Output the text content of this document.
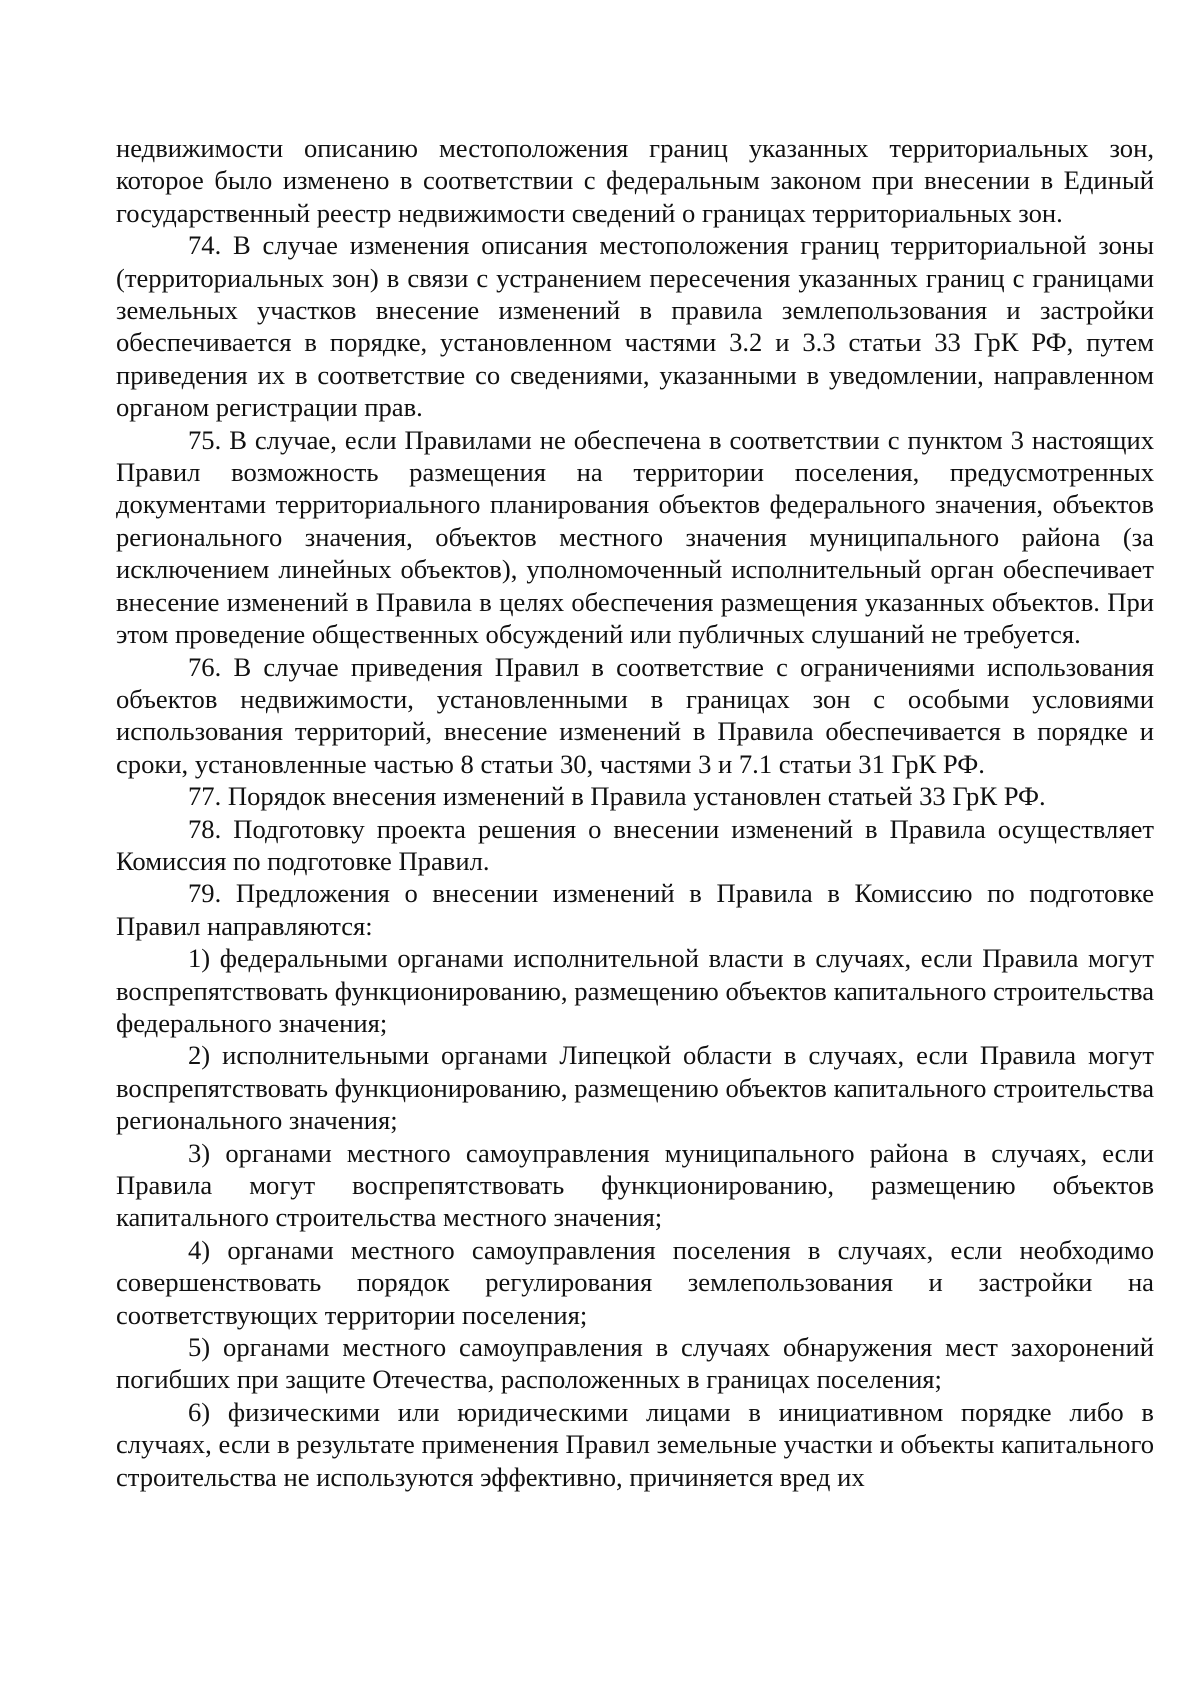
недвижимости описанию местоположения границ указанных территориальных зон, которое было изменено в соответствии с федеральным законом при внесении в Единый государственный реестр недвижимости сведений о границах территориальных зон.

74. В случае изменения описания местоположения границ территориальной зоны (территориальных зон) в связи с устранением пересечения указанных границ с границами земельных участков внесение изменений в правила землепользования и застройки обеспечивается в порядке, установленном частями 3.2 и 3.3 статьи 33 ГрК РФ, путем приведения их в соответствие со сведениями, указанными в уведомлении, направленном органом регистрации прав.

75. В случае, если Правилами не обеспечена в соответствии с пунктом 3 настоящих Правил возможность размещения на территории поселения, предусмотренных документами территориального планирования объектов федерального значения, объектов регионального значения, объектов местного значения муниципального района (за исключением линейных объектов), уполномоченный исполнительный орган обеспечивает внесение изменений в Правила в целях обеспечения размещения указанных объектов. При этом проведение общественных обсуждений или публичных слушаний не требуется.

76. В случае приведения Правил в соответствие с ограничениями использования объектов недвижимости, установленными в границах зон с особыми условиями использования территорий, внесение изменений в Правила обеспечивается в порядке и сроки, установленные частью 8 статьи 30, частями 3 и 7.1 статьи 31 ГрК РФ.

77. Порядок внесения изменений в Правила установлен статьей 33 ГрК РФ.

78. Подготовку проекта решения о внесении изменений в Правила осуществляет Комиссия по подготовке Правил.

79. Предложения о внесении изменений в Правила в Комиссию по подготовке Правил направляются:

1) федеральными органами исполнительной власти в случаях, если Правила могут воспрепятствовать функционированию, размещению объектов капитального строительства федерального значения;

2) исполнительными органами Липецкой области в случаях, если Правила могут воспрепятствовать функционированию, размещению объектов капитального строительства регионального значения;

3) органами местного самоуправления муниципального района в случаях, если Правила могут воспрепятствовать функционированию, размещению объектов капитального строительства местного значения;

4) органами местного самоуправления поселения в случаях, если необходимо совершенствовать порядок регулирования землепользования и застройки на соответствующих территории поселения;

5) органами местного самоуправления в случаях обнаружения мест захоронений погибших при защите Отечества, расположенных в границах поселения;

6) физическими или юридическими лицами в инициативном порядке либо в случаях, если в результате применения Правил земельные участки и объекты капитального строительства не используются эффективно, причиняется вред их
